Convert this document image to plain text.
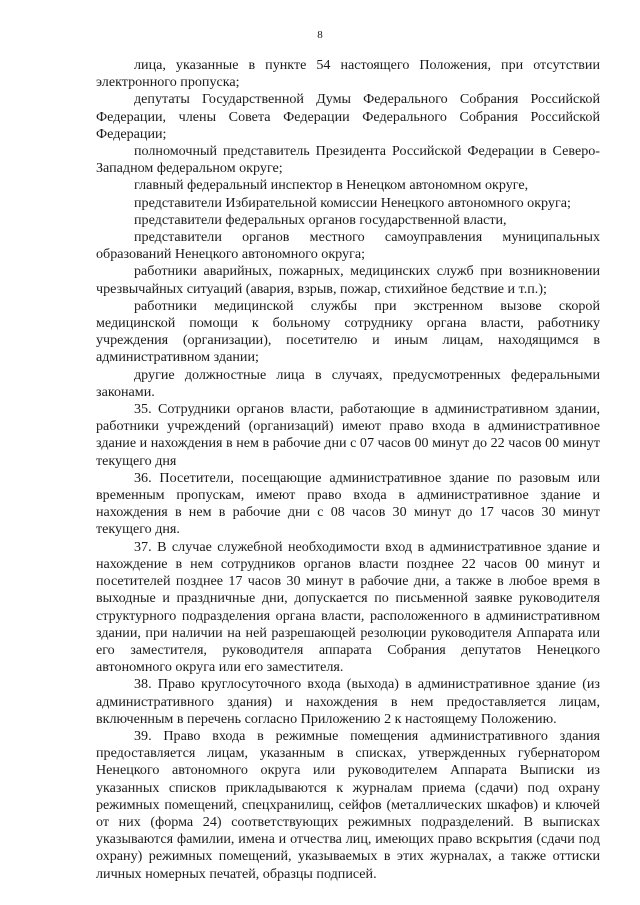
8

лица, указанные в пункте 54 настоящего Положения, при отсутствии электронного пропуска;

депутаты Государственной Думы Федерального Собрания Российской Федерации, члены Совета Федерации Федерального Собрания Российской Федерации;

полномочный представитель Президента Российской Федерации в Северо-Западном федеральном округе;

главный федеральный инспектор в Ненецком автономном округе,

представители Избирательной комиссии Ненецкого автономного округа;

представители федеральных органов государственной власти,

представители органов местного самоуправления муниципальных образований Ненецкого автономного округа;

работники аварийных, пожарных, медицинских служб при возникновении чрезвычайных ситуаций (авария, взрыв, пожар, стихийное бедствие и т.п.);

работники медицинской службы при экстренном вызове скорой медицинской помощи к больному сотруднику органа власти, работнику учреждения (организации), посетителю и иным лицам, находящимся в административном здании;

другие должностные лица в случаях, предусмотренных федеральными законами.

35. Сотрудники органов власти, работающие в административном здании, работники учреждений (организаций) имеют право входа в административное здание и нахождения в нем в рабочие дни с 07 часов 00 минут до 22 часов 00 минут текущего дня

36. Посетители, посещающие административное здание по разовым или временным пропускам, имеют право входа в административное здание и нахождения в нем в рабочие дни с 08 часов 30 минут до 17 часов 30 минут текущего дня.

37. В случае служебной необходимости вход в административное здание и нахождение в нем сотрудников органов власти позднее 22 часов 00 минут и посетителей позднее 17 часов 30 минут в рабочие дни, а также в любое время в выходные и праздничные дни, допускается по письменной заявке руководителя структурного подразделения органа власти, расположенного в административном здании, при наличии на ней разрешающей резолюции руководителя Аппарата или его заместителя, руководителя аппарата Собрания депутатов Ненецкого автономного округа или его заместителя.

38. Право круглосуточного входа (выхода) в административное здание (из административного здания) и нахождения в нем предоставляется лицам, включенным в перечень согласно Приложению 2 к настоящему Положению.

39. Право входа в режимные помещения административного здания предоставляется лицам, указанным в списках, утвержденных губернатором Ненецкого автономного округа или руководителем Аппарата Выписки из указанных списков прикладываются к журналам приема (сдачи) под охрану режимных помещений, спецхранилищ, сейфов (металлических шкафов) и ключей от них (форма 24) соответствующих режимных подразделений. В выписках указываются фамилии, имена и отчества лиц, имеющих право вскрытия (сдачи под охрану) режимных помещений, указываемых в этих журналах, а также оттиски личных номерных печатей, образцы подписей.
